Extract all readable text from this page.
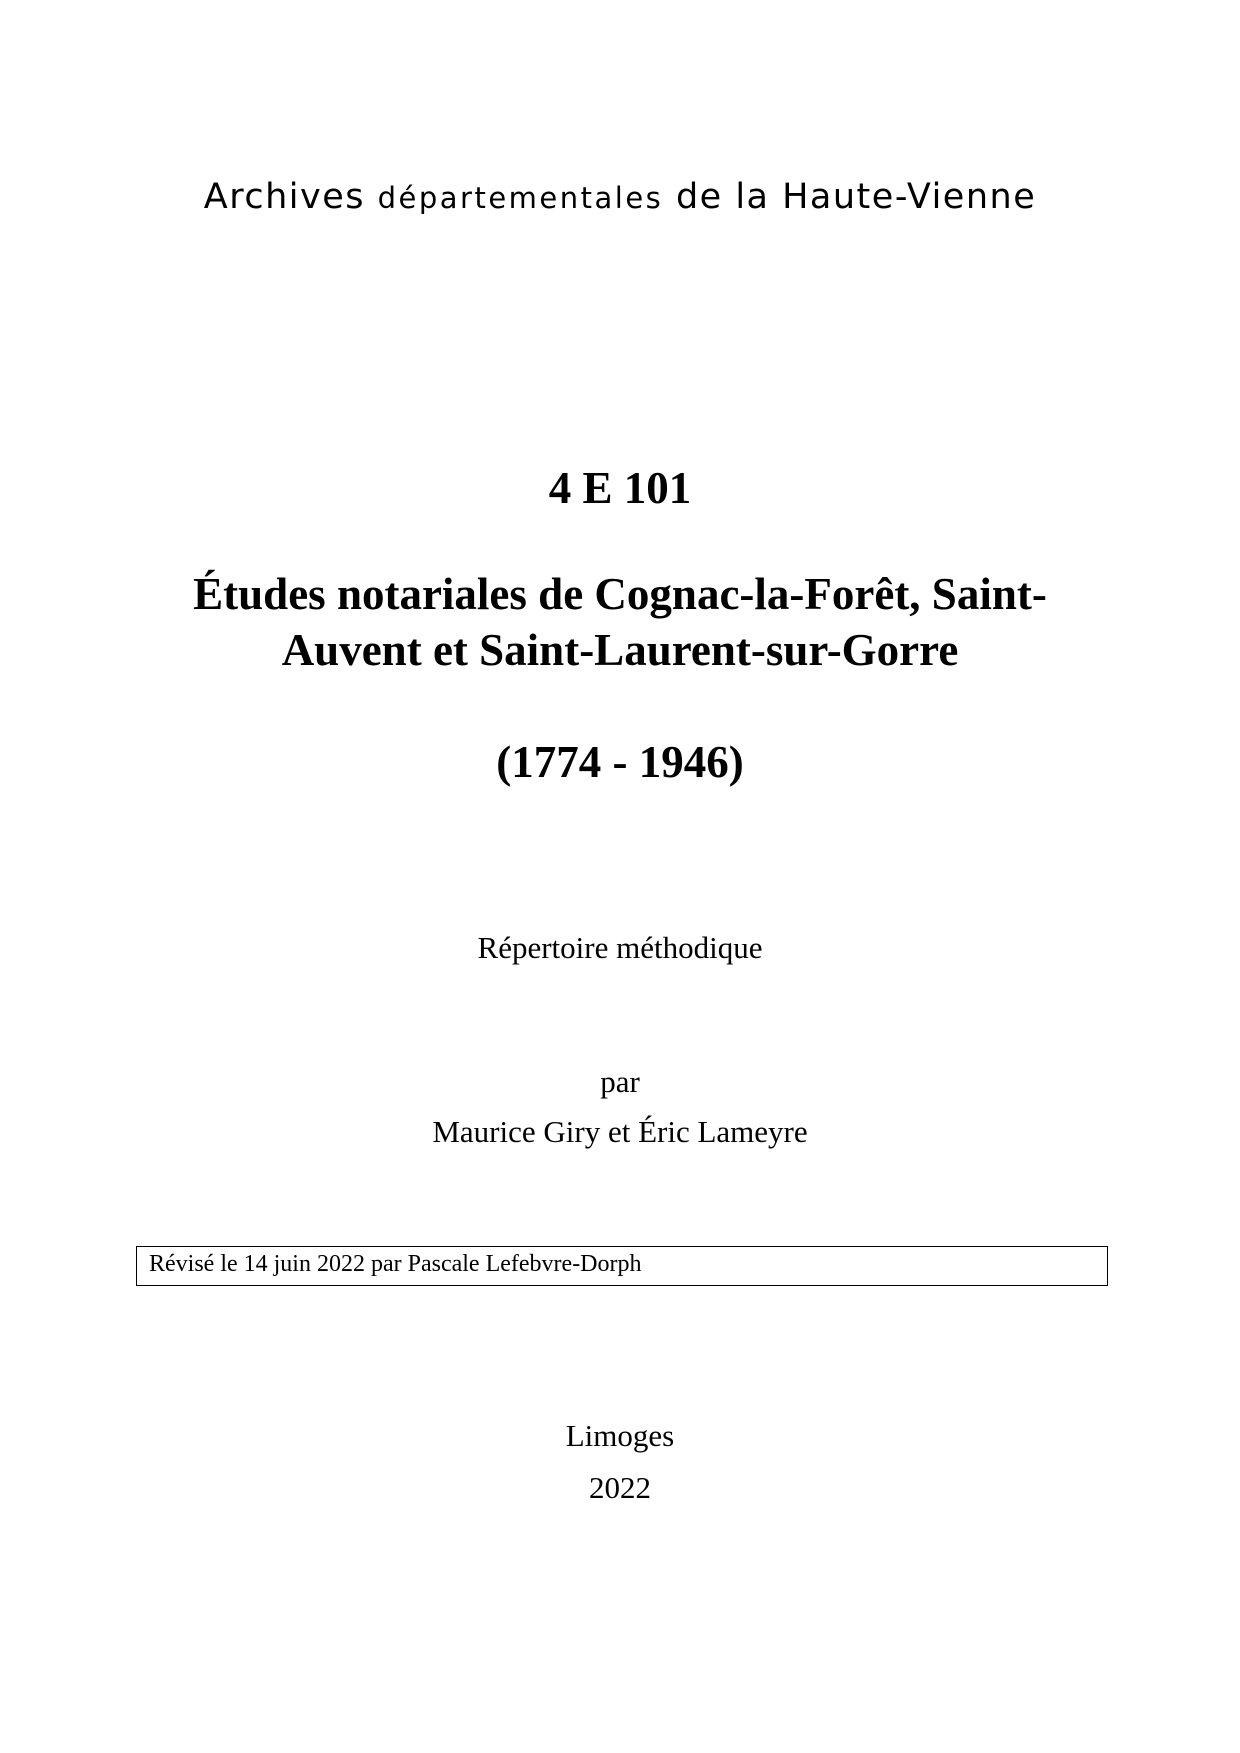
Archives départementales de la Haute-Vienne
4 E 101
Études notariales de Cognac-la-Forêt, Saint-
Auvent et Saint-Laurent-sur-Gorre
(1774 - 1946)
Répertoire méthodique
par
Maurice Giry et Éric Lameyre
Révisé le 14 juin 2022 par Pascale Lefebvre-Dorph
Limoges
2022
